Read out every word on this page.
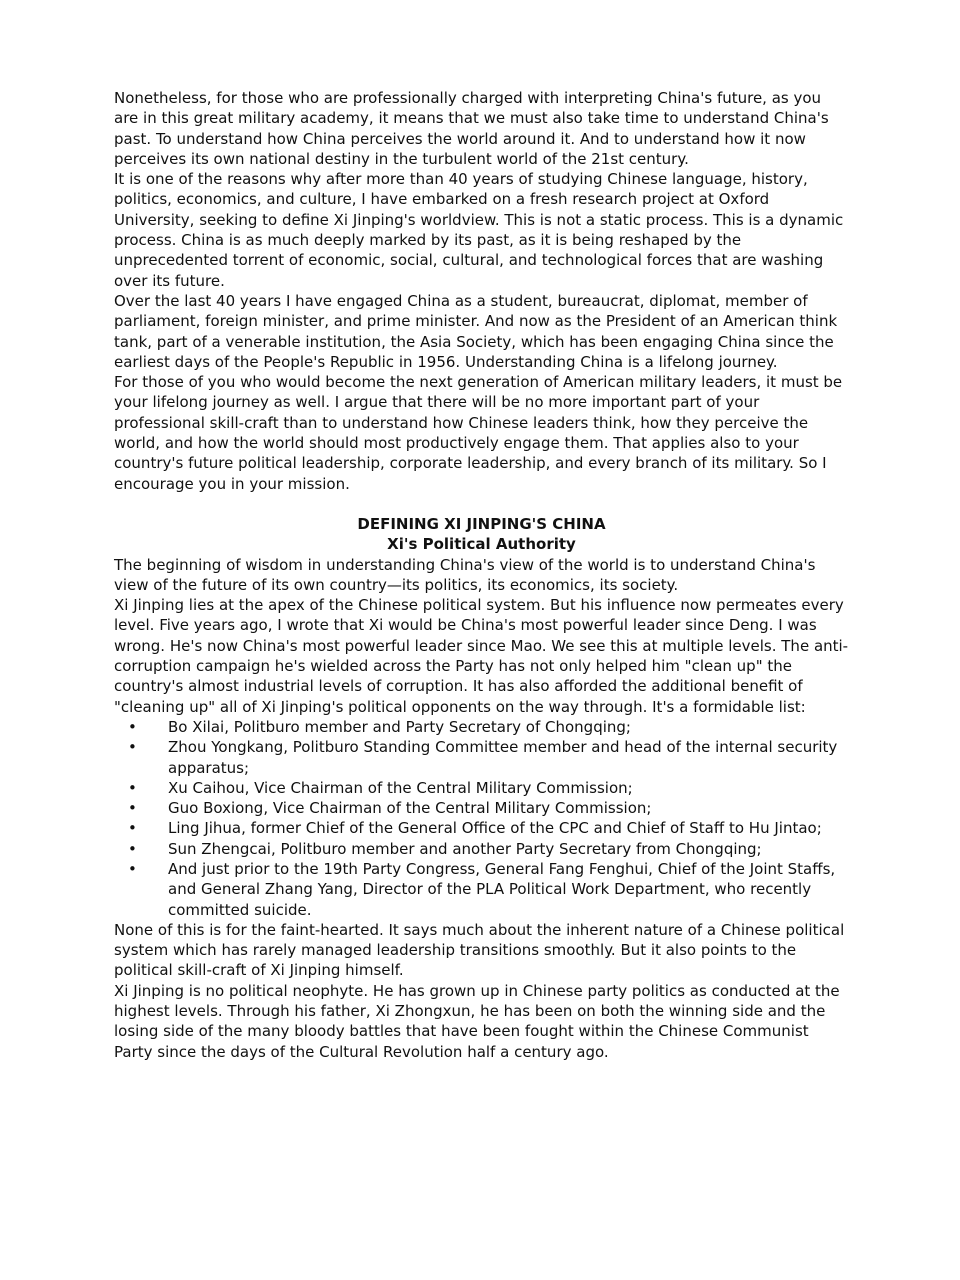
Nonetheless, for those who are professionally charged with interpreting China's future, as you are in this great military academy, it means that we must also take time to understand China's past. To understand how China perceives the world around it. And to understand how it now perceives its own national destiny in the turbulent world of the 21st century.

It is one of the reasons why after more than 40 years of studying Chinese language, history, politics, economics, and culture, I have embarked on a fresh research project at Oxford University, seeking to define Xi Jinping's worldview. This is not a static process. This is a dynamic process. China is as much deeply marked by its past, as it is being reshaped by the unprecedented torrent of economic, social, cultural, and technological forces that are washing over its future.

Over the last 40 years I have engaged China as a student, bureaucrat, diplomat, member of parliament, foreign minister, and prime minister. And now as the President of an American think tank, part of a venerable institution, the Asia Society, which has been engaging China since the earliest days of the People's Republic in 1956. Understanding China is a lifelong journey.

For those of you who would become the next generation of American military leaders, it must be your lifelong journey as well. I argue that there will be no more important part of your professional skill-craft than to understand how Chinese leaders think, how they perceive the world, and how the world should most productively engage them. That applies also to your country's future political leadership, corporate leadership, and every branch of its military. So I encourage you in your mission.

DEFINING XI JINPING'S CHINA
Xi's Political Authority

The beginning of wisdom in understanding China's view of the world is to understand China's view of the future of its own country—its politics, its economics, its society.

Xi Jinping lies at the apex of the Chinese political system. But his influence now permeates every level. Five years ago, I wrote that Xi would be China's most powerful leader since Deng. I was wrong. He's now China's most powerful leader since Mao. We see this at multiple levels. The anti-corruption campaign he's wielded across the Party has not only helped him "clean up" the country's almost industrial levels of corruption. It has also afforded the additional benefit of "cleaning up" all of Xi Jinping's political opponents on the way through. It's a formidable list:

• Bo Xilai, Politburo member and Party Secretary of Chongqing;
• Zhou Yongkang, Politburo Standing Committee member and head of the internal security apparatus;
• Xu Caihou, Vice Chairman of the Central Military Commission;
• Guo Boxiong, Vice Chairman of the Central Military Commission;
• Ling Jihua, former Chief of the General Office of the CPC and Chief of Staff to Hu Jintao;
• Sun Zhengcai, Politburo member and another Party Secretary from Chongqing;
• And just prior to the 19th Party Congress, General Fang Fenghui, Chief of the Joint Staffs, and General Zhang Yang, Director of the PLA Political Work Department, who recently committed suicide.

None of this is for the faint-hearted. It says much about the inherent nature of a Chinese political system which has rarely managed leadership transitions smoothly. But it also points to the political skill-craft of Xi Jinping himself.

Xi Jinping is no political neophyte. He has grown up in Chinese party politics as conducted at the highest levels. Through his father, Xi Zhongxun, he has been on both the winning side and the losing side of the many bloody battles that have been fought within the Chinese Communist Party since the days of the Cultural Revolution half a century ago.
